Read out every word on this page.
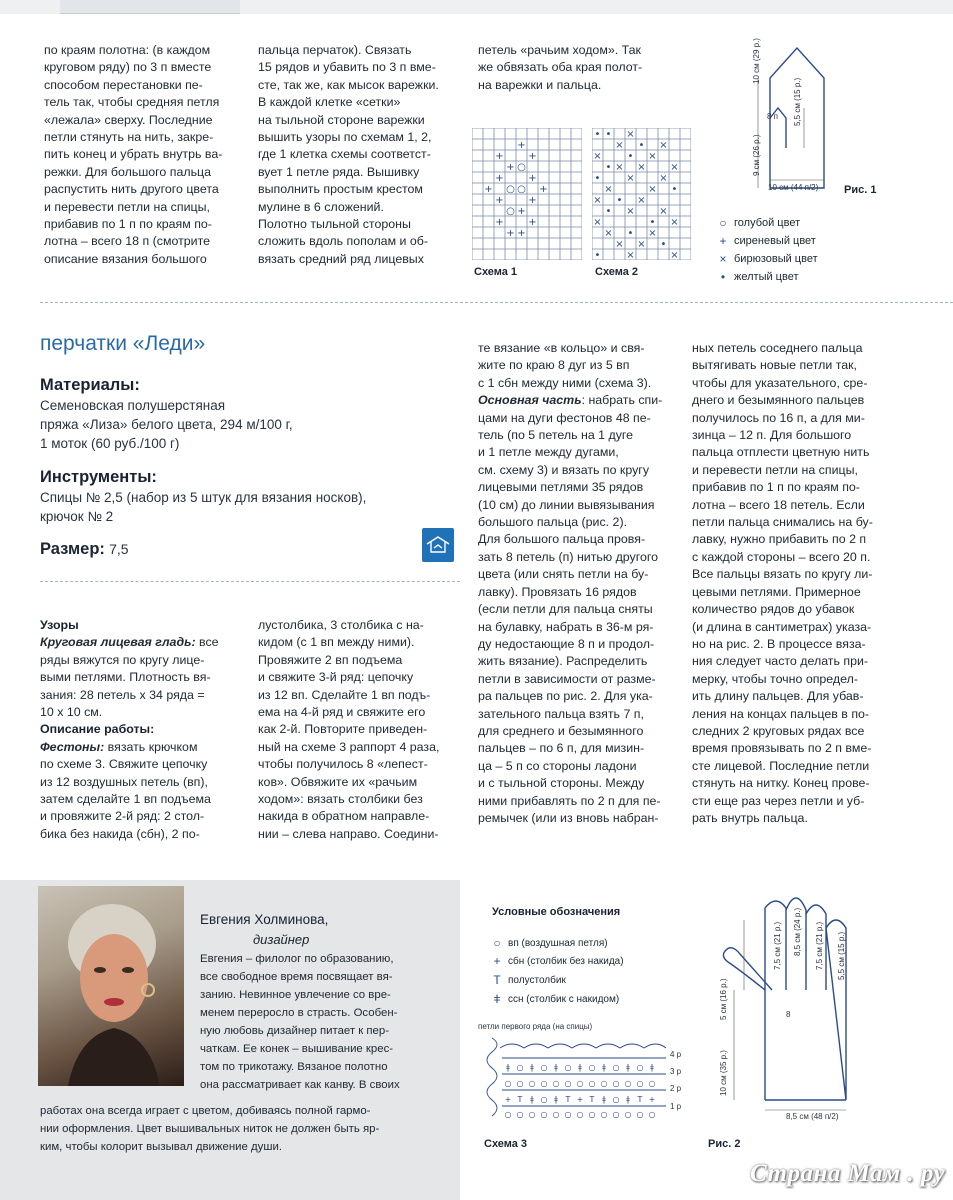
по краям полотна: (в каждом

круговом ряду) по 3 п вместе

способом перестановки пе-

тель так, чтобы средняя петля

«лежала» сверху. Последние

петли стянуть на нить, закре-

пить конец и убрать внутрь ва-

режки. Для большого пальца

распустить нить другого цвета

и перевести петли на спицы,

прибавив по 1 п по краям по-

лотна – всего 18 п (смотрите

описание вязания большого

пальца перчаток). Связать

15 рядов и убавить по 3 п вме-

сте, так же, как мысок варежки.

В каждой клетке «сетки»

на тыльной стороне варежки

вышить узоры по схемам 1, 2,

где 1 клетка схемы соответст-

вует 1 петле ряда. Вышивку

выполнить простым крестом

мулине в 6 сложений.

Полотно тыльной стороны

сложить вдоль пополам и об-

вязать средний ряд лицевых

петель «рачьим ходом». Так

же обвязать оба края полот-

на варежки и пальца.

+
+ +
+ ○
+ +
+ ○ ○ +
+ +
○ +
+ +
+ +
Схема 1
• • ×
× • ×
×	• ×
• × × ×
•	× ×
×	× •
× • ×
• × ×
×	• ×
× • ×
× × •
•	×	×
Схема 2
10 см (29 р.)
8 п 5,5 см (15 р.)
9 см (26 р.)
10 см (44 п/2) Рис. 1
○ голубой цвет
+ сиреневый цвет
× бирюзовый цвет
• желтый цвет
перчатки «Леди»
Материалы:
Семеновская полушерстяная
пряжа «Лиза» белого цвета, 294 м/100 г,
1 моток (60 руб./100 г)
Инструменты:
Спицы № 2,5 (набор из 5 штук для вязания носков),
крючок № 2
Размер: 7,5

Узоры

Круговая лицевая гладь: все

ряды вяжутся по кругу лице-

выми петлями. Плотность вя-

зания: 28 петель х 34 ряда =

10 х 10 см.

Описание работы:

Фестоны: вязать крючком

по схеме 3. Свяжите цепочку

из 12 воздушных петель (вп),

затем сделайте 1 вп подъема

и провяжите 2-й ряд: 2 стол-

бика без накида (сбн), 2 по-

лустолбика, 3 столбика с на-

кидом (с 1 вп между ними).

Провяжите 2 вп подъема

и свяжите 3-й ряд: цепочку

из 12 вп. Сделайте 1 вп подъ-

ема на 4-й ряд и свяжите его

как 2-й. Повторите приведен-

ный на схеме 3 раппорт 4 раза,

чтобы получилось 8 «лепест-

ков». Обвяжите их «рачьим

ходом»: вязать столбики без

накида в обратном направле-

нии – слева направо. Соедини-

те вязание «в кольцо» и свя-

жите по краю 8 дуг из 5 вп

с 1 сбн между ними (схема 3).

Основная часть: набрать спи-

цами на дуги фестонов 48 пе-

тель (по 5 петель на 1 дуге

и 1 петле между дугами,

см. схему 3) и вязать по кругу

лицевыми петлями 35 рядов

(10 см) до линии вывязывания

большого пальца (рис. 2).

Для большого пальца провя-

зать 8 петель (п) нитью другого

цвета (или снять петли на бу-

лавку). Провязать 16 рядов

(если петли для пальца сняты

на булавку, набрать в 36-м ря-

ду недостающие 8 п и продол-

жить вязание). Распределить

петли в зависимости от разме-

ра пальцев по рис. 2. Для ука-

зательного пальца взять 7 п,

для среднего и безымянного

пальцев – по 6 п, для мизин-

ца – 5 п со стороны ладони

и с тыльной стороны. Между

ними прибавлять по 2 п для пе-

ремычек (или из вновь набран-

ных петель соседнего пальца

вытягивать новые петли так,

чтобы для указательного, сре-

днего и безымянного пальцев

получилось по 16 п, а для ми-

зинца – 12 п. Для большого

пальца отплести цветную нить

и перевести петли на спицы,

прибавив по 1 п по краям по-

лотна – всего 18 петель. Если

петли пальца снимались на бу-

лавку, нужно прибавить по 2 п

с каждой стороны – всего 20 п.

Все пальцы вязать по кругу ли-

цевыми петлями. Примерное

количество рядов до убавок

(и длина в сантиметрах) указа-

но на рис. 2. В процессе вяза-

ния следует часто делать при-

мерку, чтобы точно определ-

ить длину пальцев. Для убав-

ления на концах пальцев в по-

следних 2 круговых рядах все

время провязывать по 2 п вме-

сте лицевой. Последние петли

стянуть на нитку. Конец прове-

сти еще раз через петли и уб-

рать внутрь пальца.

Евгения Холминова,
дизайнер

Евгения – филолог по образованию,

все свободное время посвящает вя-

занию. Невинное увлечение со вре-

менем переросло в страсть. Особен-

ную любовь дизайнер питает к пер-

чаткам. Ее конек – вышивание крес-

том по трикотажу. Вязаное полотно

она рассматривает как канву. В своих

работах она всегда играет с цветом, добиваясь полной гармо-

нии оформления. Цвет вышивальных ниток не должен быть яр-

ким, чтобы колорит вызывал движение души.

Условные обозначения
○ вп (воздушная петля)
+ сбн (столбик без накида)
T полустолбик
ǂ ссн (столбик с накидом)
петли первого ряда (на спицы)
ǂ ○ ǂ ○ ǂ ○ ǂ ○ ǂ ○ ǂ ○ ǂ
○ ○ ○ ○ ○ ○ ○ ○ ○ ○ ○ ○ ○
+ T ǂ ○ ǂ T + T ǂ ○ ǂ T +
○ ○ ○ ○ ○ ○ ○ ○ ○ ○ ○ ○ ○
4 р
3 р
2 р
1 р
Схема 3
7,5 см (21 р.) 8,5 см (24 р.) 7,5 см (21 р.) 5,5 см (15 р.)
5 см (16 р.)
10 см (35 р.)
8
8,5 см (48 п/2)
Рис. 2
Страна Мам . ру
